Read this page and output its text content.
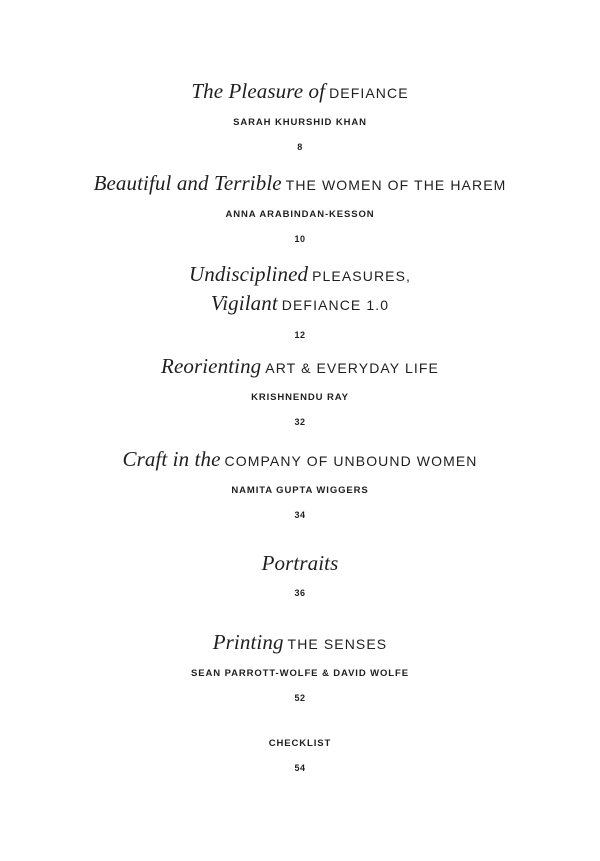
The Pleasure of DEFIANCE
SARAH KHURSHID KHAN
8
Beautiful and Terrible THE WOMEN OF THE HAREM
ANNA ARABINDAN-KESSON
10
Undisciplined PLEASURES,
Vigilant DEFIANCE 1.0
12
Reorienting ART & EVERYDAY LIFE
KRISHNENDU RAY
32
Craft in the COMPANY OF UNBOUND WOMEN
NAMITA GUPTA WIGGERS
34
Portraits
36
Printing THE SENSES
SEAN PARROTT-WOLFE & DAVID WOLFE
52
CHECKLIST
54
